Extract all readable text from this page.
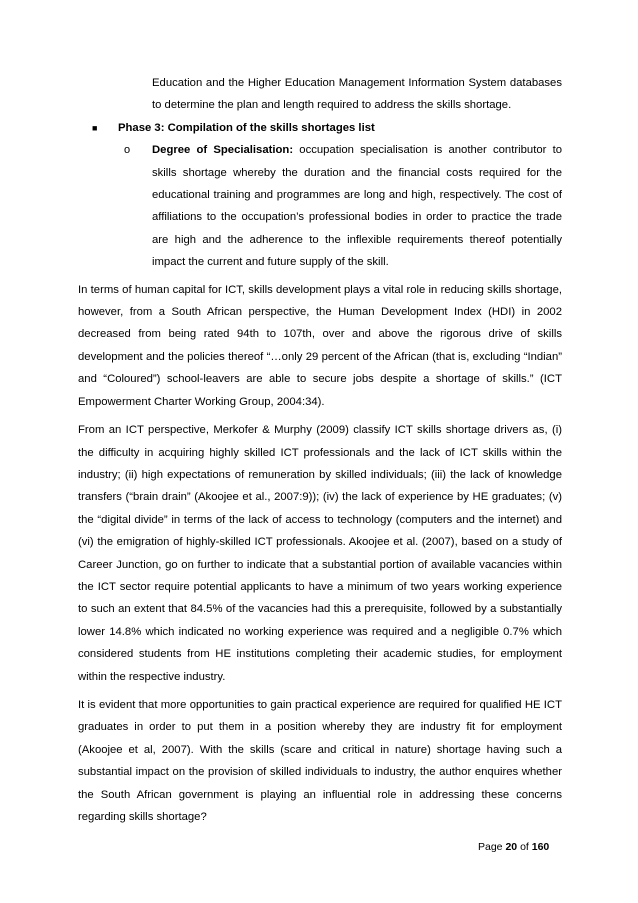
Education and the Higher Education Management Information System databases to determine the plan and length required to address the skills shortage.
■ Phase 3: Compilation of the skills shortages list
o Degree of Specialisation: occupation specialisation is another contributor to skills shortage whereby the duration and the financial costs required for the educational training and programmes are long and high, respectively. The cost of affiliations to the occupation’s professional bodies in order to practice the trade are high and the adherence to the inflexible requirements thereof potentially impact the current and future supply of the skill.

In terms of human capital for ICT, skills development plays a vital role in reducing skills shortage, however, from a South African perspective, the Human Development Index (HDI) in 2002 decreased from being rated 94th to 107th, over and above the rigorous drive of skills development and the policies thereof “…only 29 percent of the African (that is, excluding “Indian” and “Coloured”) school-leavers are able to secure jobs despite a shortage of skills.” (ICT Empowerment Charter Working Group, 2004:34).

From an ICT perspective, Merkofer & Murphy (2009) classify ICT skills shortage drivers as, (i) the difficulty in acquiring highly skilled ICT professionals and the lack of ICT skills within the industry; (ii) high expectations of remuneration by skilled individuals; (iii) the lack of knowledge transfers (“brain drain” (Akoojee et al., 2007:9)); (iv) the lack of experience by HE graduates; (v) the “digital divide” in terms of the lack of access to technology (computers and the internet) and (vi) the emigration of highly-skilled ICT professionals. Akoojee et al. (2007), based on a study of Career Junction, go on further to indicate that a substantial portion of available vacancies within the ICT sector require potential applicants to have a minimum of two years working experience to such an extent that 84.5% of the vacancies had this a prerequisite, followed by a substantially lower 14.8% which indicated no working experience was required and a negligible 0.7% which considered students from HE institutions completing their academic studies, for employment within the respective industry.

It is evident that more opportunities to gain practical experience are required for qualified HE ICT graduates in order to put them in a position whereby they are industry fit for employment (Akoojee et al, 2007). With the skills (scare and critical in nature) shortage having such a substantial impact on the provision of skilled individuals to industry, the author enquires whether the South African government is playing an influential role in addressing these concerns regarding skills shortage?

Page 20 of 160
